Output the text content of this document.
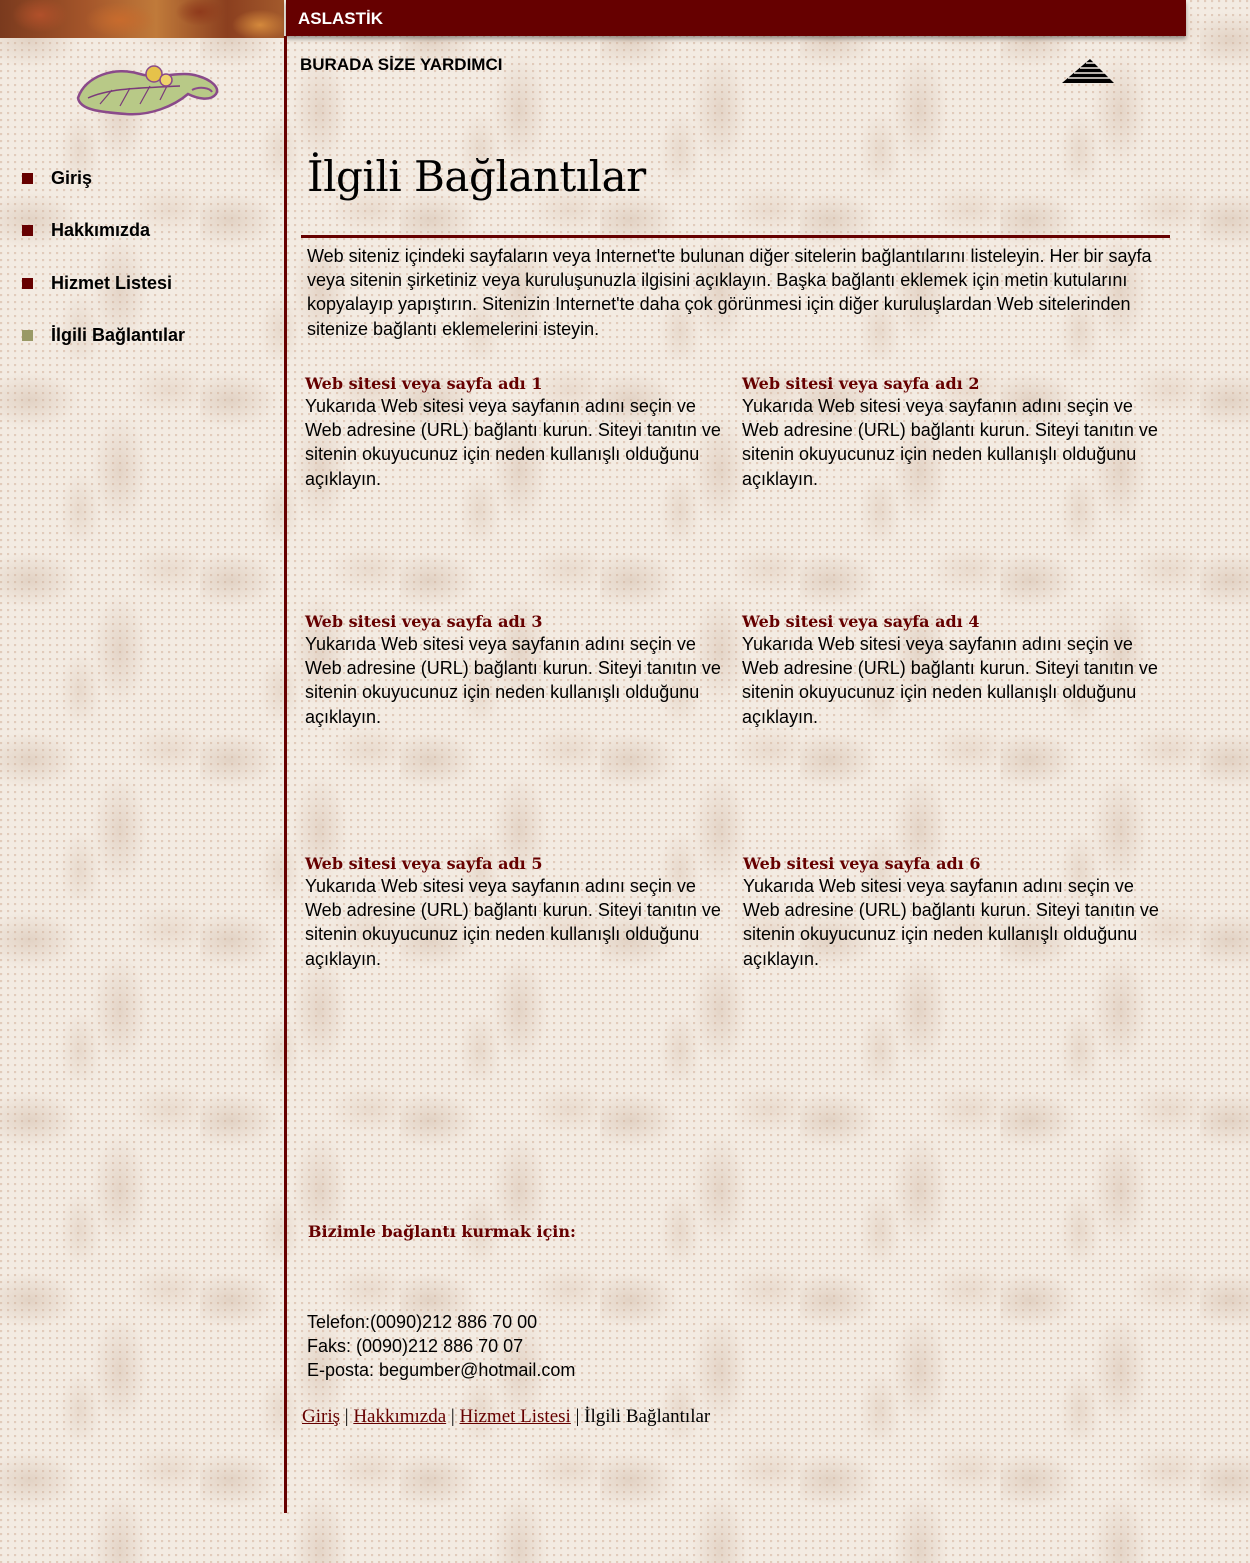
ASLASTİK
BURADA SİZE YARDIMCI
Giriş
Hakkımızda
Hizmet Listesi
İlgili Bağlantılar
İlgili Bağlantılar

Web siteniz içindeki sayfaların veya Internet'te bulunan diğer sitelerin bağlantılarını listeleyin. Her bir sayfa veya sitenin şirketiniz veya kuruluşunuzla ilgisini açıklayın. Başka bağlantı eklemek için metin kutularını kopyalayıp yapıştırın. Sitenizin Internet'te daha çok görünmesi için diğer kuruluşlardan Web sitelerinden sitenize bağlantı eklemelerini isteyin.

Web sitesi veya sayfa adı 1

Yukarıda Web sitesi veya sayfanın adını seçin ve Web adresine (URL) bağlantı kurun. Siteyi tanıtın ve sitenin okuyucunuz için neden kullanışlı olduğunu açıklayın.

Web sitesi veya sayfa adı 2

Yukarıda Web sitesi veya sayfanın adını seçin ve Web adresine (URL) bağlantı kurun. Siteyi tanıtın ve sitenin okuyucunuz için neden kullanışlı olduğunu açıklayın.

Web sitesi veya sayfa adı 3

Yukarıda Web sitesi veya sayfanın adını seçin ve Web adresine (URL) bağlantı kurun. Siteyi tanıtın ve sitenin okuyucunuz için neden kullanışlı olduğunu açıklayın.

Web sitesi veya sayfa adı 4

Yukarıda Web sitesi veya sayfanın adını seçin ve Web adresine (URL) bağlantı kurun. Siteyi tanıtın ve sitenin okuyucunuz için neden kullanışlı olduğunu açıklayın.

Web sitesi veya sayfa adı 5

Yukarıda Web sitesi veya sayfanın adını seçin ve Web adresine (URL) bağlantı kurun. Siteyi tanıtın ve sitenin okuyucunuz için neden kullanışlı olduğunu açıklayın.

Web sitesi veya sayfa adı 6

Yukarıda Web sitesi veya sayfanın adını seçin ve Web adresine (URL) bağlantı kurun. Siteyi tanıtın ve sitenin okuyucunuz için neden kullanışlı olduğunu açıklayın.

Bizimle bağlantı kurmak için:
Telefon:(0090)212 886 70 00
Faks: (0090)212 886 70 07
E-posta: begumber@hotmail.com
Giriş | Hakkımızda | Hizmet Listesi | İlgili Bağlantılar
